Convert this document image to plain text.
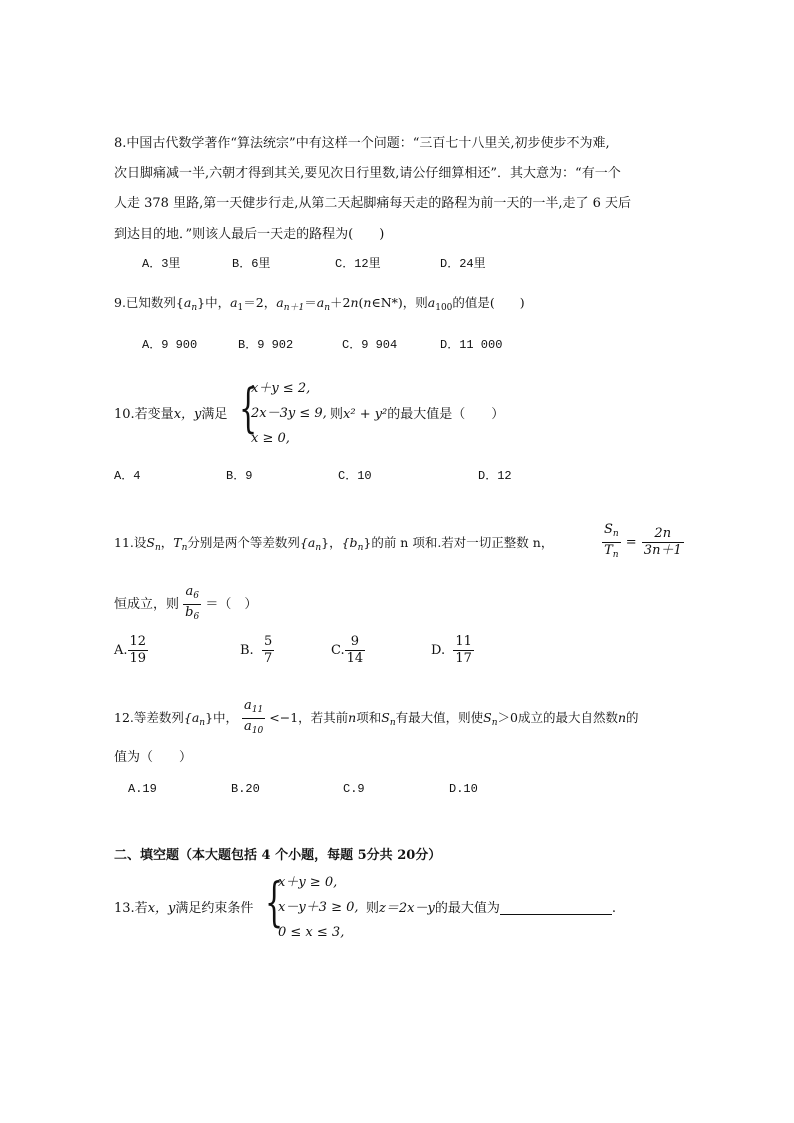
8.中国古代数学著作“算法统宗”中有这样一个问题：“三百七十八里关,初步使步不为难,
次日脚痛减一半,六朝才得到其关,要见次日行里数,请公仔细算相还”．其大意为：“有一个
人走 378 里路,第一天健步行走,从第二天起脚痛每天走的路程为前一天的一半,走了 6 天后
到达目的地．”则该人最后一天走的路程为(　　)
A．3里	B．6里	C．12里	D．24里
9.已知数列$\{a_n\}$中，$a_1=2$，$a_{n+1}=a_n+2n(n\in N*)$，则$a_{100}$的值是(　　)
A．9 900	B．9 902	C．9 904	D．11 000
10.若变量x，y满足 {
x＋y ≤ 2,
2x－3y ≤ 9,
x ≥ 0,
则x² + y²的最大值是（　　）
A．4	B．9	C．10	D．12
11.设$S_n$，$T_n$分别是两个等差数列$\{a_n\}$，$\{b_n\}$的前 n 项和.若对一切正整数 n，	$\frac{S_n}{T_n} = \frac{2n}{3n+1}$
恒成立，则 $\frac{a_6}{b_6}$ ＝（　）
A. $\frac{12}{19}$	B. $\frac{5}{7}$	C. $\frac{9}{14}$	D. $\frac{11}{17}$
12.等差数列$\{a_n\}$中， $\frac{a_{11}}{a_{10}} <-1$，若其前n项和$S_n$有最大值，则使$S_n>0$成立的最大自然数n的
值为（　　）
A.19	B.20	C.9	D.10
二、填空题（本大题包括 4 个小题，每题 5分共 20分）
13.若x，y满足约束条件 {
x＋y ≥ 0,
x－y＋3 ≥ 0,
0 ≤ x ≤ 3,
则z＝2x－y的最大值为	.
